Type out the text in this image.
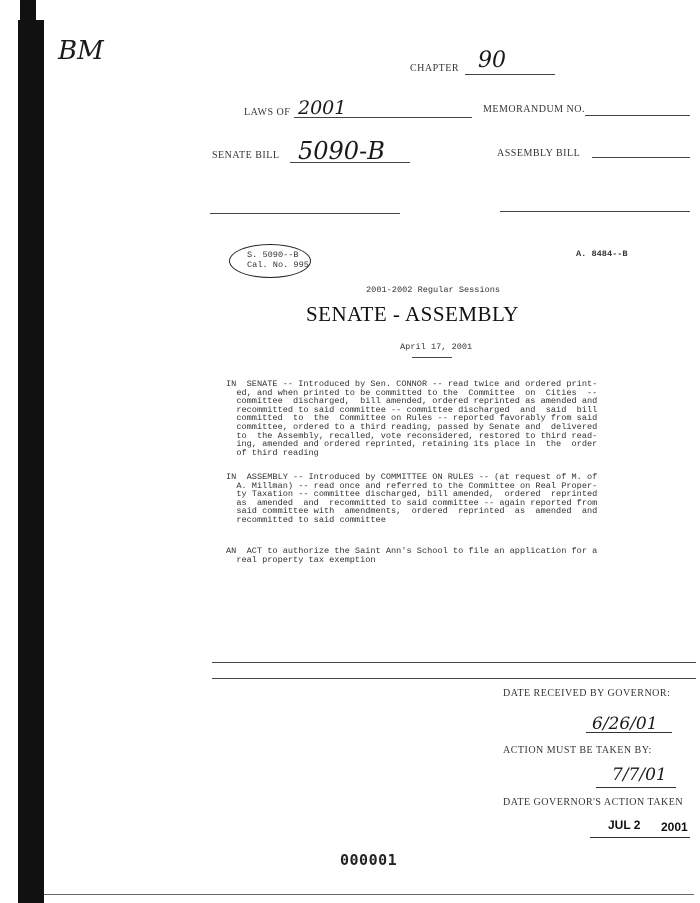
BM
CHAPTER 90
LAWS OF 2001	MEMORANDUM NO.
SENATE BILL 5090-B	ASSEMBLY BILL
S. 5090--B
Cal. No. 995
A. 8484--B
2001-2002 Regular Sessions
SENATE - ASSEMBLY
April 17, 2001
IN  SENATE -- Introduced by Sen. CONNOR -- read twice and ordered print-
ed, and when printed to be committed to the  Committee  on  Cities  --
committee  discharged,  bill amended, ordered reprinted as amended and
recommitted to said committee -- committee discharged  and  said  bill
committed  to  the  Committee on Rules -- reported favorably from said
committee, ordered to a third reading, passed by Senate and  delivered
to  the Assembly, recalled, vote reconsidered, restored to third read-
ing, amended and ordered reprinted, retaining its place in  the  order
of third reading
IN  ASSEMBLY -- Introduced by COMMITTEE ON RULES -- (at request of M. of
A. Millman) -- read once and referred to the Committee on Real Proper-
ty Taxation -- committee discharged, bill amended,  ordered  reprinted
as  amended  and  recommitted to said committee -- again reported from
said committee with  amendments,  ordered  reprinted  as  amended  and
recommitted to said committee
AN  ACT to authorize the Saint Ann's School to file an application for a
real property tax exemption
DATE RECEIVED BY GOVERNOR:
6/26/01
ACTION MUST BE TAKEN BY:
7/7/01
DATE GOVERNOR'S ACTION TAKEN
JUL 2 2001
000001
